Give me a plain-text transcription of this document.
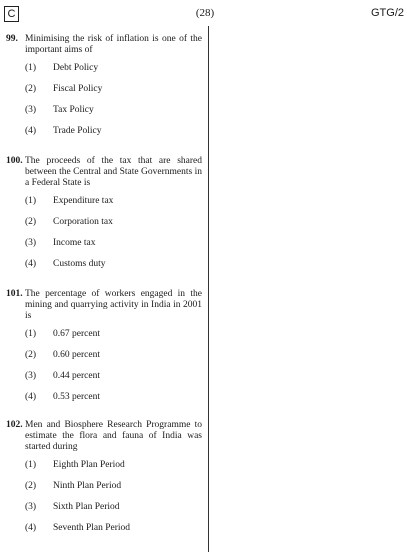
C	(28)	GTG/2
99. Minimising the risk of inflation is one of the important aims of
(1) Debt Policy
(2) Fiscal Policy
(3) Tax Policy
(4) Trade Policy
100. The proceeds of the tax that are shared between the Central and State Governments in a Federal State is
(1) Expenditure tax
(2) Corporation tax
(3) Income tax
(4) Customs duty
101. The percentage of workers engaged in the mining and quarrying activity in India in 2001 is
(1) 0.67 percent
(2) 0.60 percent
(3) 0.44 percent
(4) 0.53 percent
102. Men and Biosphere Research Programme to estimate the flora and fauna of India was started during
(1) Eighth Plan Period
(2) Ninth Plan Period
(3) Sixth Plan Period
(4) Seventh Plan Period
